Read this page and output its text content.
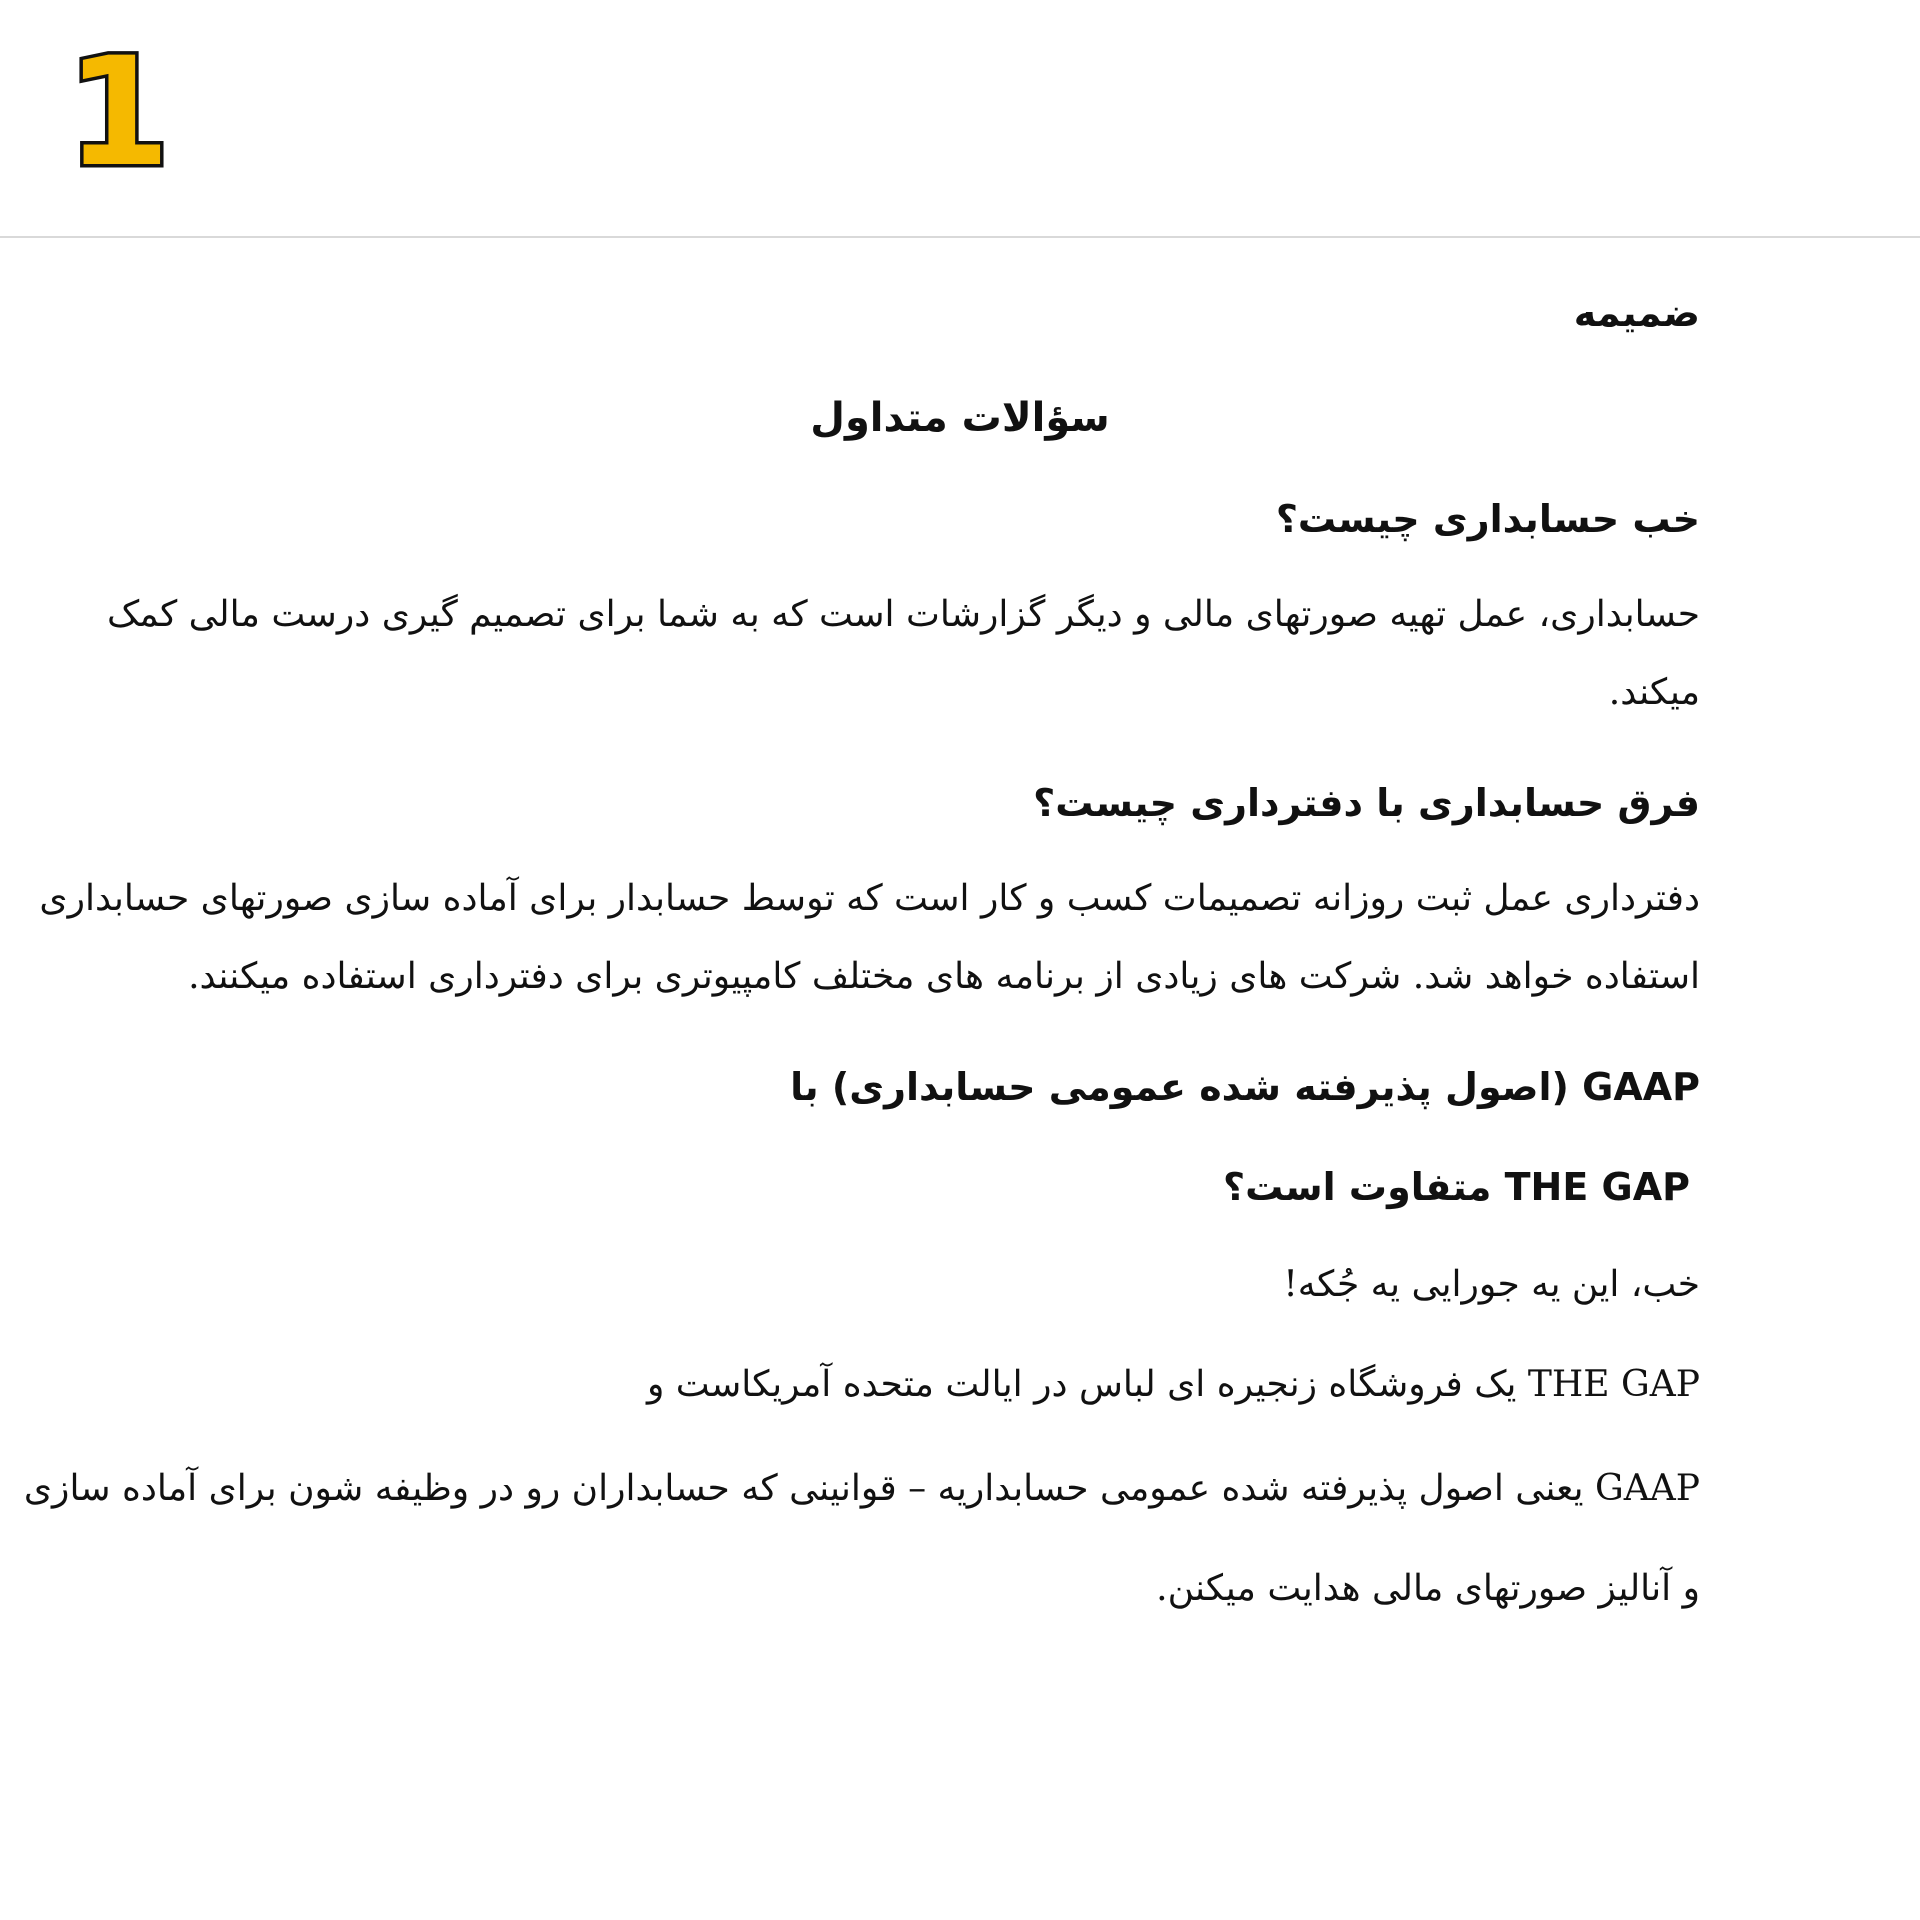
1
ضمیمه
سؤالات متداول
خب حسابداری چیست؟
حسابداری، عمل تهیه صورتهای مالی و دیگر گزارشات است که به شما برای تصمیم گیری درست مالی کمک
میکند.
فرق حسابداری با دفترداری چیست؟
دفترداری عمل ثبت روزانه تصمیمات کسب و کار است که توسط حسابدار برای آماده سازی صورتهای حسابداری
استفاده خواهد شد. شرکت های زیادی از برنامه های مختلف کامپیوتری برای دفترداری استفاده میکنند.
GAAP (اصول پذیرفته شده عمومی حسابداری) با
THE GAP متفاوت است؟
خب، این یه جورایی یه جُکه!
THE GAP یک فروشگاه زنجیره ای لباس در ایالت متحده آمریکاست و
GAAP یعنی اصول پذیرفته شده عمومی حسابداریه – قوانینی که حسابداران رو در وظیفه شون برای آماده سازی
و آنالیز صورتهای مالی هدایت میکنن.
